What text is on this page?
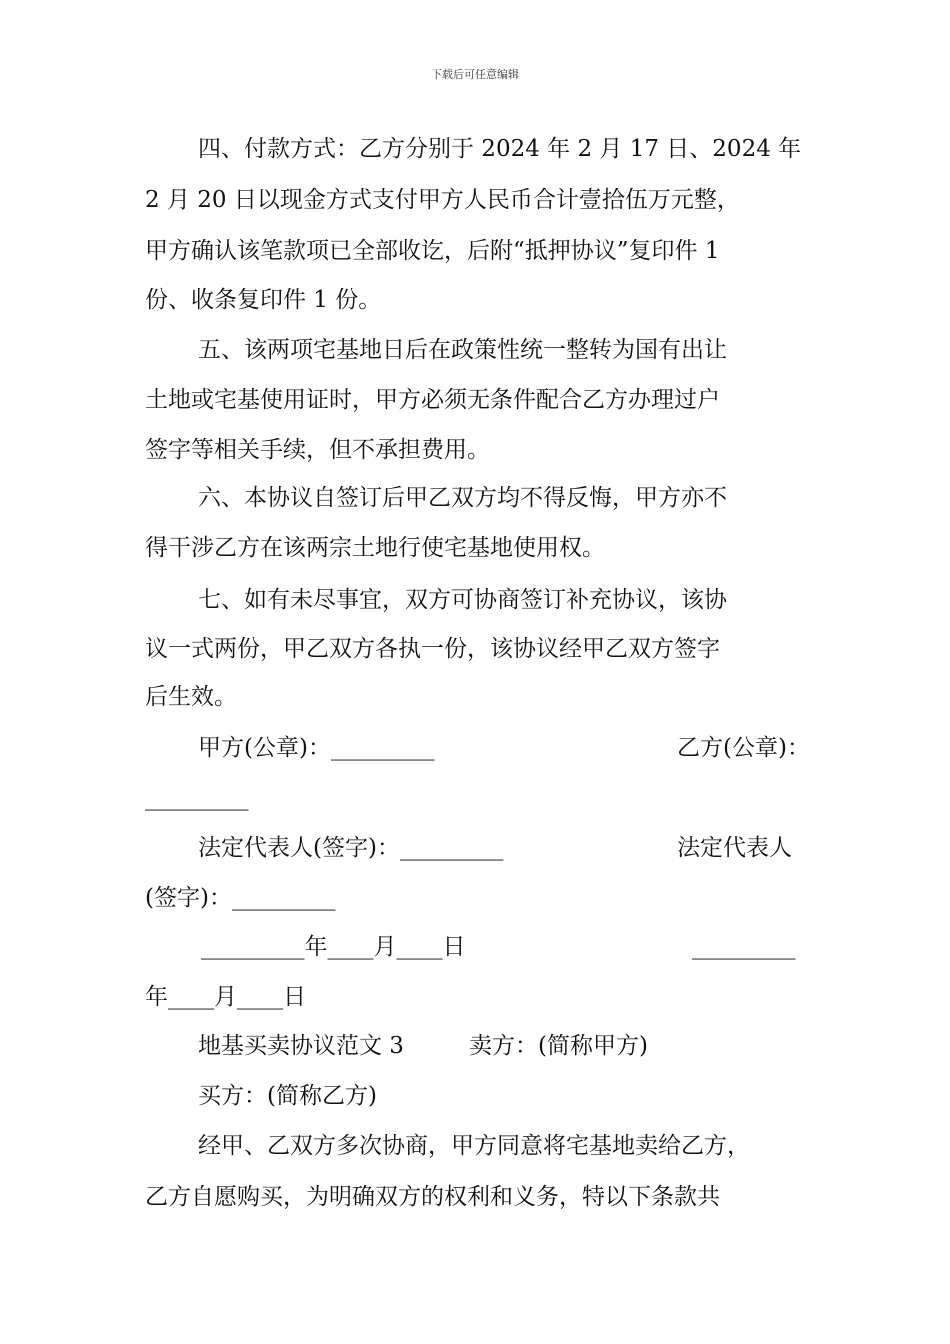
下载后可任意编辑
四、付款方式：乙方分别于 2024 年 2 月 17 日、2024 年
2 月 20 日以现金方式支付甲方人民币合计壹拾伍万元整，
甲方确认该笔款项已全部收讫，后附“抵押协议”复印件 1
份、收条复印件 1 份。
五、该两项宅基地日后在政策性统一整转为国有出让
土地或宅基使用证时，甲方必须无条件配合乙方办理过户
签字等相关手续，但不承担费用。
六、本协议自签订后甲乙双方均不得反悔，甲方亦不
得干涉乙方在该两宗土地行使宅基地使用权。
七、如有未尽事宜，双方可协商签订补充协议，该协
议一式两份，甲乙双方各执一份，该协议经甲乙双方签字
后生效。
甲方(公章)：_________	乙方(公章)：
_________
法定代表人(签字)：_________	法定代表人
(签字)：_________
_________年____月____日	_________
年____月____日
地基买卖协议范文 3	卖方：(简称甲方)
买方：(简称乙方)
经甲、乙双方多次协商，甲方同意将宅基地卖给乙方，
乙方自愿购买，为明确双方的权利和义务，特以下条款共
